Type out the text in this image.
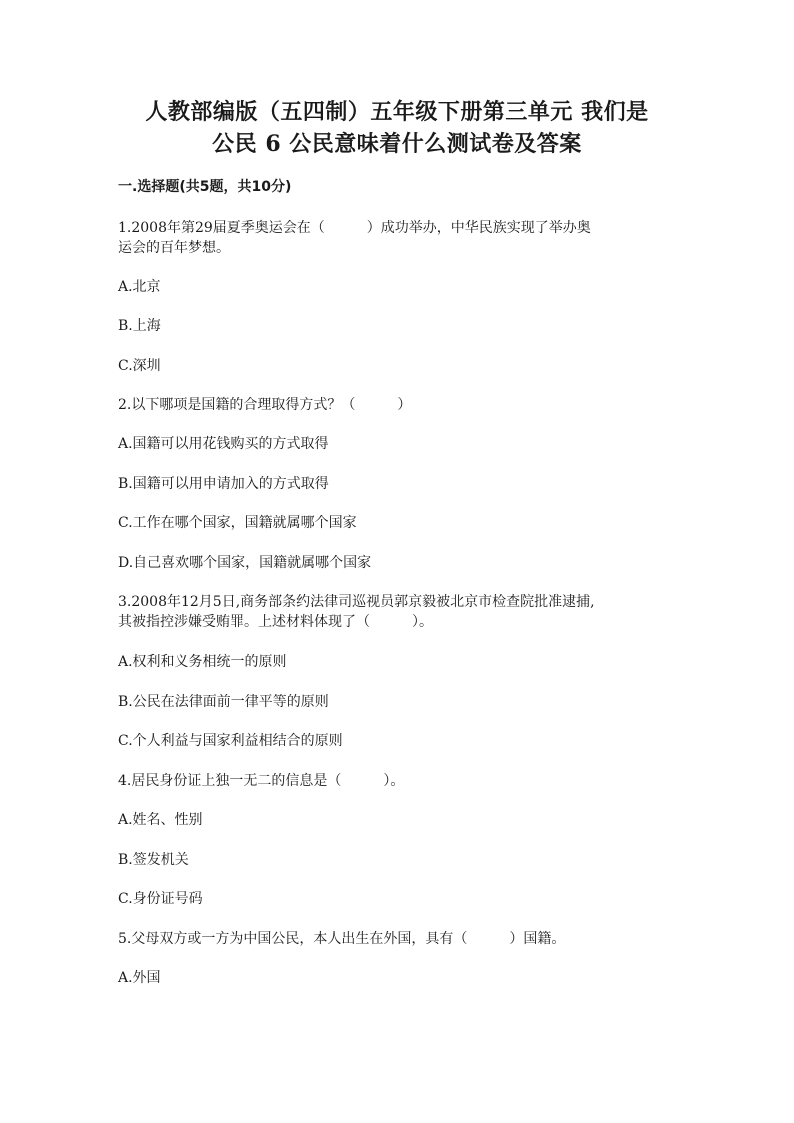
人教部编版（五四制）五年级下册第三单元 我们是
公民 6 公民意味着什么测试卷及答案
一.选择题(共5题，共10分)
1.2008年第29届夏季奥运会在（　　　）成功举办，中华民族实现了举办奥
运会的百年梦想。
A.北京
B.上海
C.深圳
2.以下哪项是国籍的合理取得方式？（　　　）
A.国籍可以用花钱购买的方式取得
B.国籍可以用申请加入的方式取得
C.工作在哪个国家，国籍就属哪个国家
D.自己喜欢哪个国家，国籍就属哪个国家
3.2008年12月5日,商务部条约法律司巡视员郭京毅被北京市检查院批准逮捕,
其被指控涉嫌受贿罪。上述材料体现了（　　　）。
A.权利和义务相统一的原则
B.公民在法律面前一律平等的原则
C.个人利益与国家利益相结合的原则
4.居民身份证上独一无二的信息是（　　　）。
A.姓名、性别
B.签发机关
C.身份证号码
5.父母双方或一方为中国公民，本人出生在外国，具有（　　　）国籍。
A.外国
